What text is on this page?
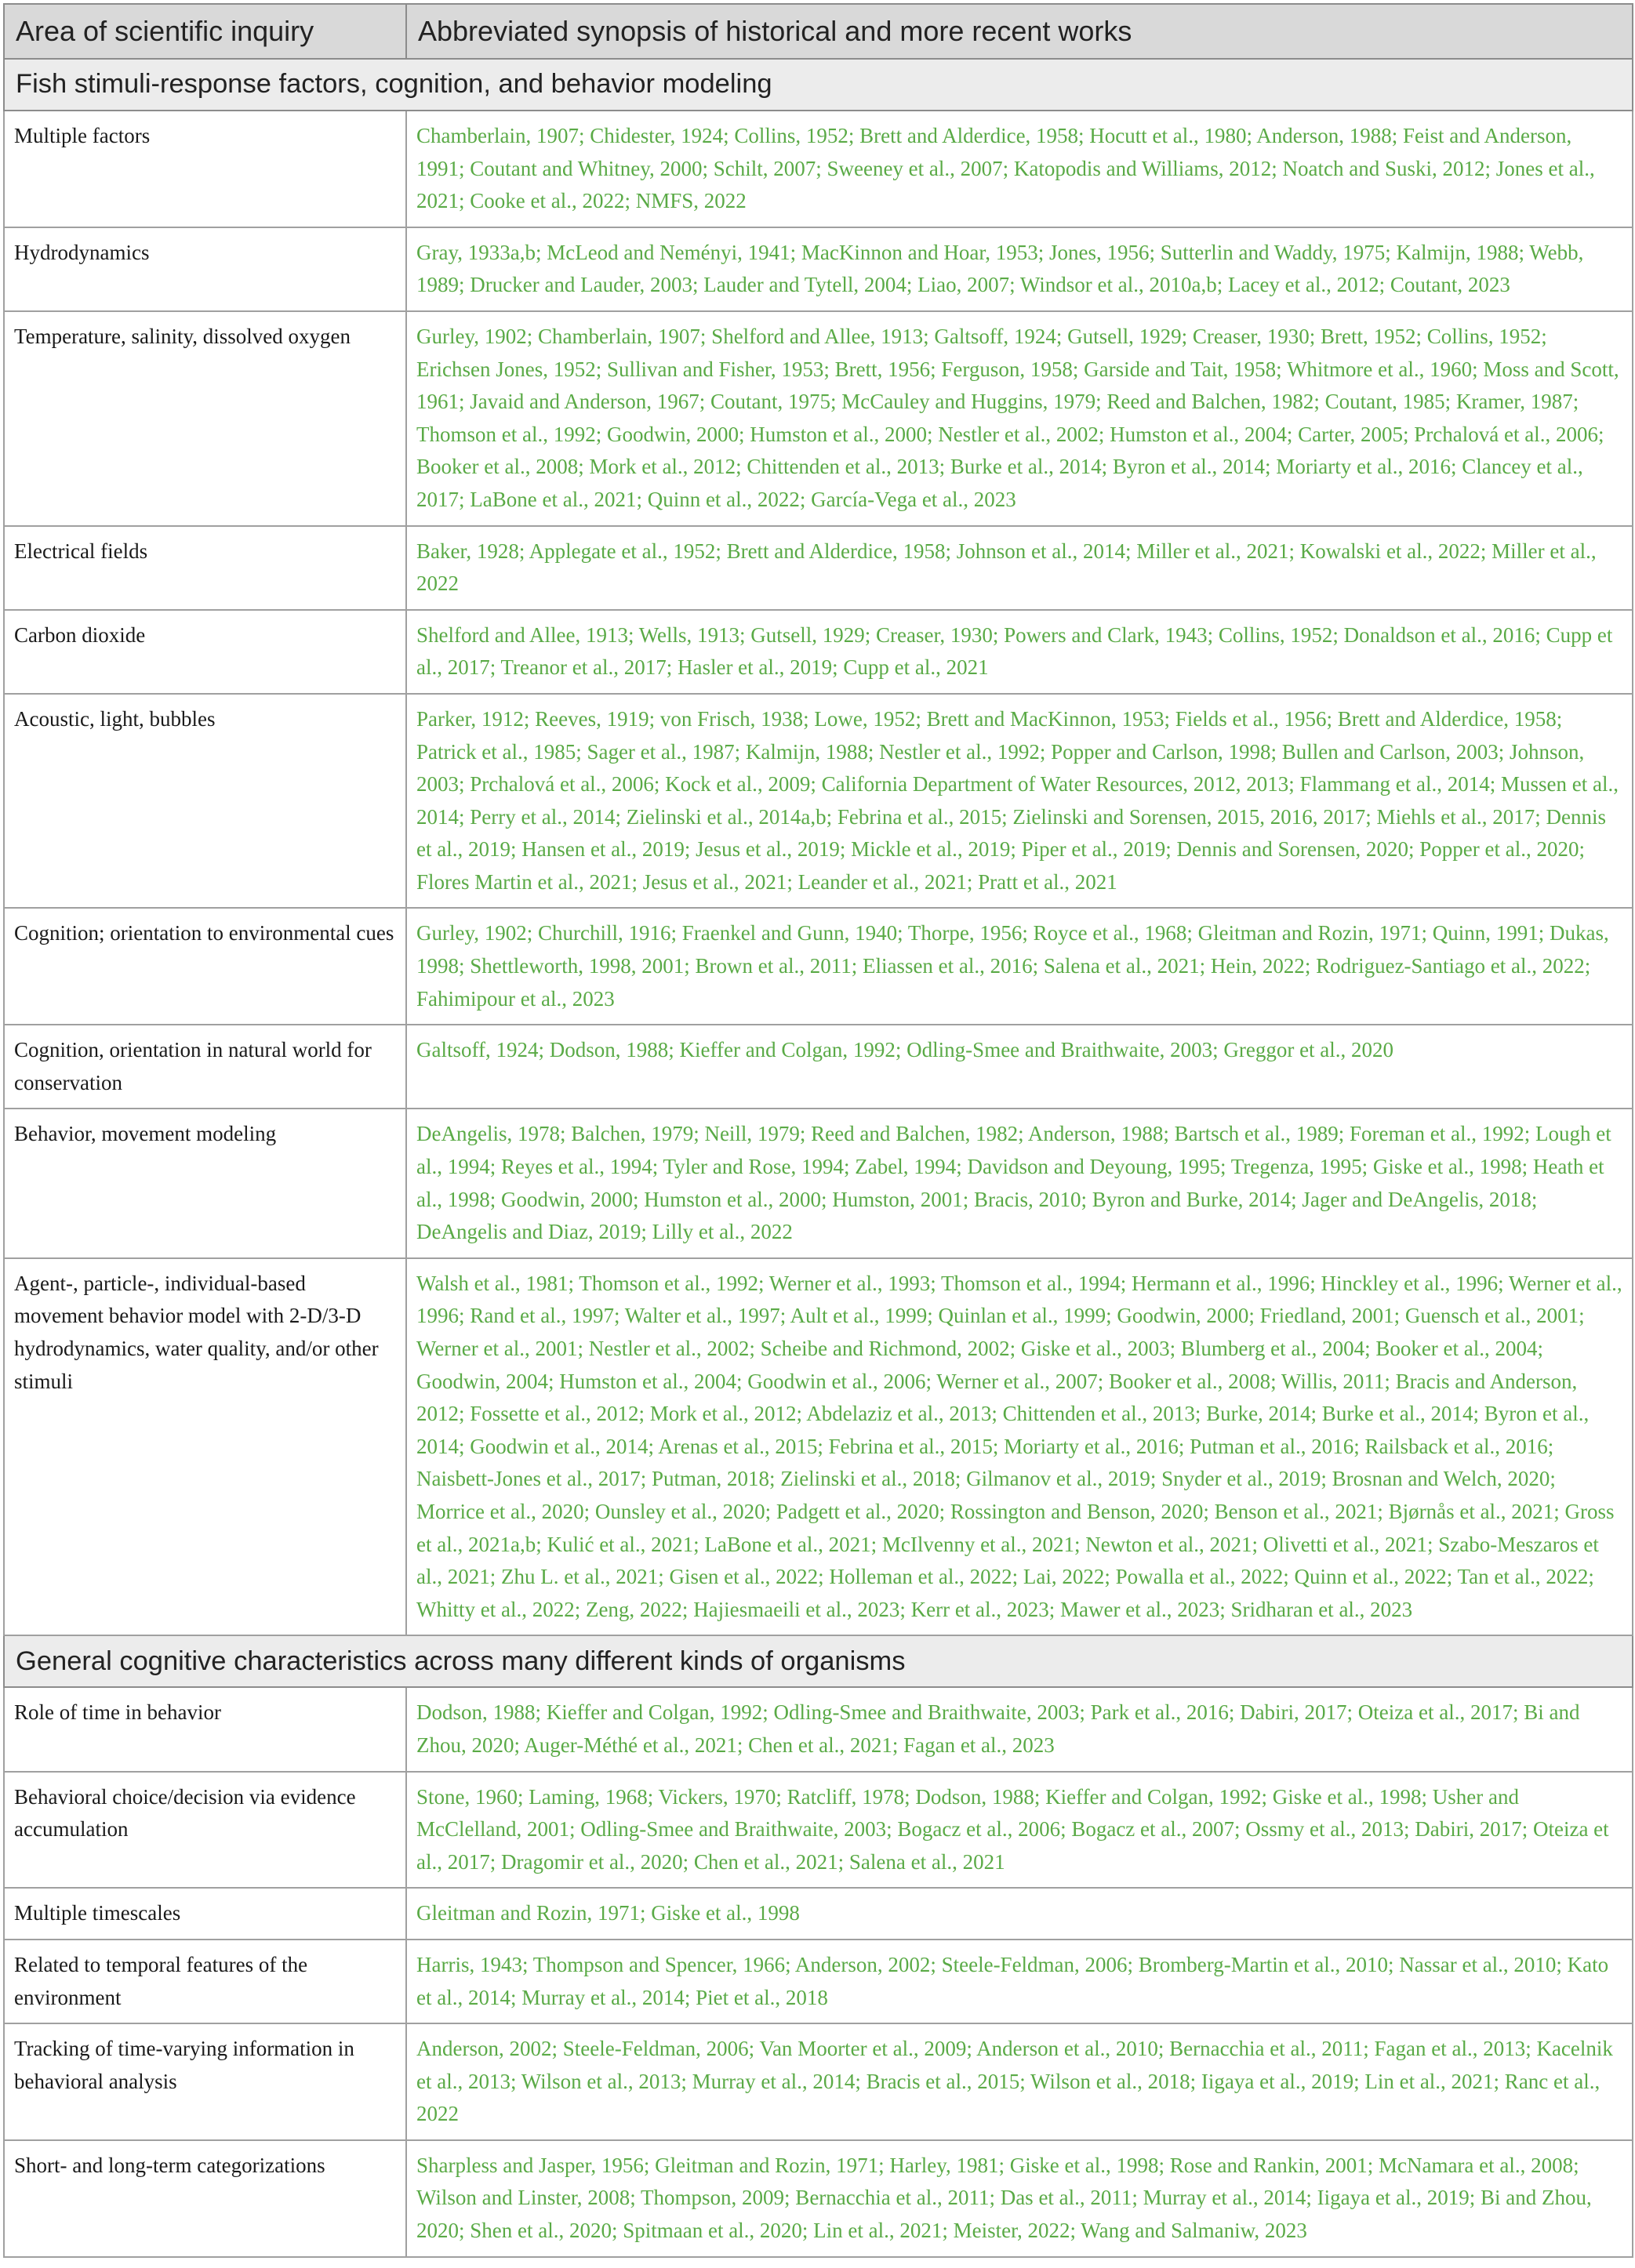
Area of scientific inquiry	Abbreviated synopsis of historical and more recent works
Fish stimuli-response factors, cognition, and behavior modeling	
Multiple factors	Chamberlain, 1907; Chidester, 1924; Collins, 1952; Brett and Alderdice, 1958; Hocutt et al., 1980; Anderson, 1988; Feist and Anderson, 1991; Coutant and Whitney, 2000; Schilt, 2007; Sweeney et al., 2007; Katopodis and Williams, 2012; Noatch and Suski, 2012; Jones et al., 2021; Cooke et al., 2022; NMFS, 2022
Hydrodynamics	Gray, 1933a,b; McLeod and Neményi, 1941; MacKinnon and Hoar, 1953; Jones, 1956; Sutterlin and Waddy, 1975; Kalmijn, 1988; Webb, 1989; Drucker and Lauder, 2003; Lauder and Tytell, 2004; Liao, 2007; Windsor et al., 2010a,b; Lacey et al., 2012; Coutant, 2023
Temperature, salinity, dissolved oxygen	Gurley, 1902; Chamberlain, 1907; Shelford and Allee, 1913; Galtsoff, 1924; Gutsell, 1929; Creaser, 1930; Brett, 1952; Collins, 1952; Erichsen Jones, 1952; Sullivan and Fisher, 1953; Brett, 1956; Ferguson, 1958; Garside and Tait, 1958; Whitmore et al., 1960; Moss and Scott, 1961; Javaid and Anderson, 1967; Coutant, 1975; McCauley and Huggins, 1979; Reed and Balchen, 1982; Coutant, 1985; Kramer, 1987; Thomson et al., 1992; Goodwin, 2000; Humston et al., 2000; Nestler et al., 2002; Humston et al., 2004; Carter, 2005; Prchalová et al., 2006; Booker et al., 2008; Mork et al., 2012; Chittenden et al., 2013; Burke et al., 2014; Byron et al., 2014; Moriarty et al., 2016; Clancey et al., 2017; LaBone et al., 2021; Quinn et al., 2022; García-Vega et al., 2023
Electrical fields	Baker, 1928; Applegate et al., 1952; Brett and Alderdice, 1958; Johnson et al., 2014; Miller et al., 2021; Kowalski et al., 2022; Miller et al., 2022
Carbon dioxide	Shelford and Allee, 1913; Wells, 1913; Gutsell, 1929; Creaser, 1930; Powers and Clark, 1943; Collins, 1952; Donaldson et al., 2016; Cupp et al., 2017; Treanor et al., 2017; Hasler et al., 2019; Cupp et al., 2021
Acoustic, light, bubbles	Parker, 1912; Reeves, 1919; von Frisch, 1938; Lowe, 1952; Brett and MacKinnon, 1953; Fields et al., 1956; Brett and Alderdice, 1958; Patrick et al., 1985; Sager et al., 1987; Kalmijn, 1988; Nestler et al., 1992; Popper and Carlson, 1998; Bullen and Carlson, 2003; Johnson, 2003; Prchalová et al., 2006; Kock et al., 2009; California Department of Water Resources, 2012, 2013; Flammang et al., 2014; Mussen et al., 2014; Perry et al., 2014; Zielinski et al., 2014a,b; Febrina et al., 2015; Zielinski and Sorensen, 2015, 2016, 2017; Miehls et al., 2017; Dennis et al., 2019; Hansen et al., 2019; Jesus et al., 2019; Mickle et al., 2019; Piper et al., 2019; Dennis and Sorensen, 2020; Popper et al., 2020; Flores Martin et al., 2021; Jesus et al., 2021; Leander et al., 2021; Pratt et al., 2021
Cognition; orientation to environmental cues	Gurley, 1902; Churchill, 1916; Fraenkel and Gunn, 1940; Thorpe, 1956; Royce et al., 1968; Gleitman and Rozin, 1971; Quinn, 1991; Dukas, 1998; Shettleworth, 1998, 2001; Brown et al., 2011; Eliassen et al., 2016; Salena et al., 2021; Hein, 2022; Rodriguez-Santiago et al., 2022; Fahimipour et al., 2023
Cognition, orientation in natural world for conservation	Galtsoff, 1924; Dodson, 1988; Kieffer and Colgan, 1992; Odling-Smee and Braithwaite, 2003; Greggor et al., 2020
Behavior, movement modeling	DeAngelis, 1978; Balchen, 1979; Neill, 1979; Reed and Balchen, 1982; Anderson, 1988; Bartsch et al., 1989; Foreman et al., 1992; Lough et al., 1994; Reyes et al., 1994; Tyler and Rose, 1994; Zabel, 1994; Davidson and Deyoung, 1995; Tregenza, 1995; Giske et al., 1998; Heath et al., 1998; Goodwin, 2000; Humston et al., 2000; Humston, 2001; Bracis, 2010; Byron and Burke, 2014; Jager and DeAngelis, 2018; DeAngelis and Diaz, 2019; Lilly et al., 2022
Agent-, particle-, individual-based movement behavior model with 2-D/3-D hydrodynamics, water quality, and/or other stimuli	Walsh et al., 1981; Thomson et al., 1992; Werner et al., 1993; Thomson et al., 1994; Hermann et al., 1996; Hinckley et al., 1996; Werner et al., 1996; Rand et al., 1997; Walter et al., 1997; Ault et al., 1999; Quinlan et al., 1999; Goodwin, 2000; Friedland, 2001; Guensch et al., 2001; Werner et al., 2001; Nestler et al., 2002; Scheibe and Richmond, 2002; Giske et al., 2003; Blumberg et al., 2004; Booker et al., 2004; Goodwin, 2004; Humston et al., 2004; Goodwin et al., 2006; Werner et al., 2007; Booker et al., 2008; Willis, 2011; Bracis and Anderson, 2012; Fossette et al., 2012; Mork et al., 2012; Abdelaziz et al., 2013; Chittenden et al., 2013; Burke, 2014; Burke et al., 2014; Byron et al., 2014; Goodwin et al., 2014; Arenas et al., 2015; Febrina et al., 2015; Moriarty et al., 2016; Putman et al., 2016; Railsback et al., 2016; Naisbett-Jones et al., 2017; Putman, 2018; Zielinski et al., 2018; Gilmanov et al., 2019; Snyder et al., 2019; Brosnan and Welch, 2020; Morrice et al., 2020; Ounsley et al., 2020; Padgett et al., 2020; Rossington and Benson, 2020; Benson et al., 2021; Bjørnås et al., 2021; Gross et al., 2021a,b; Kulić et al., 2021; LaBone et al., 2021; McIlvenny et al., 2021; Newton et al., 2021; Olivetti et al., 2021; Szabo-Meszaros et al., 2021; Zhu L. et al., 2021; Gisen et al., 2022; Holleman et al., 2022; Lai, 2022; Powalla et al., 2022; Quinn et al., 2022; Tan et al., 2022; Whitty et al., 2022; Zeng, 2022; Hajiesmaeili et al., 2023; Kerr et al., 2023; Mawer et al., 2023; Sridharan et al., 2023
General cognitive characteristics across many different kinds of organisms	
Role of time in behavior	Dodson, 1988; Kieffer and Colgan, 1992; Odling-Smee and Braithwaite, 2003; Park et al., 2016; Dabiri, 2017; Oteiza et al., 2017; Bi and Zhou, 2020; Auger-Méthé et al., 2021; Chen et al., 2021; Fagan et al., 2023
Behavioral choice/decision via evidence accumulation	Stone, 1960; Laming, 1968; Vickers, 1970; Ratcliff, 1978; Dodson, 1988; Kieffer and Colgan, 1992; Giske et al., 1998; Usher and McClelland, 2001; Odling-Smee and Braithwaite, 2003; Bogacz et al., 2006; Bogacz et al., 2007; Ossmy et al., 2013; Dabiri, 2017; Oteiza et al., 2017; Dragomir et al., 2020; Chen et al., 2021; Salena et al., 2021
Multiple timescales	Gleitman and Rozin, 1971; Giske et al., 1998
Related to temporal features of the environment	Harris, 1943; Thompson and Spencer, 1966; Anderson, 2002; Steele-Feldman, 2006; Bromberg-Martin et al., 2010; Nassar et al., 2010; Kato et al., 2014; Murray et al., 2014; Piet et al., 2018
Tracking of time-varying information in behavioral analysis	Anderson, 2002; Steele-Feldman, 2006; Van Moorter et al., 2009; Anderson et al., 2010; Bernacchia et al., 2011; Fagan et al., 2013; Kacelnik et al., 2013; Wilson et al., 2013; Murray et al., 2014; Bracis et al., 2015; Wilson et al., 2018; Iigaya et al., 2019; Lin et al., 2021; Ranc et al., 2022
Short- and long-term categorizations	Sharpless and Jasper, 1956; Gleitman and Rozin, 1971; Harley, 1981; Giske et al., 1998; Rose and Rankin, 2001; McNamara et al., 2008; Wilson and Linster, 2008; Thompson, 2009; Bernacchia et al., 2011; Das et al., 2011; Murray et al., 2014; Iigaya et al., 2019; Bi and Zhou, 2020; Shen et al., 2020; Spitmaan et al., 2020; Lin et al., 2021; Meister, 2022; Wang and Salmaniw, 2023
